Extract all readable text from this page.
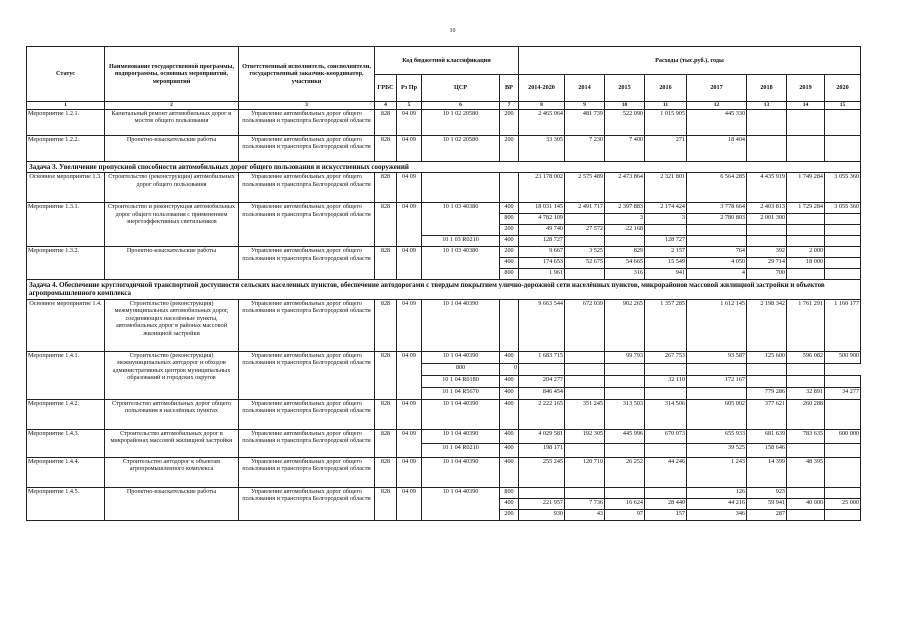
10
Статус	Наименование государственной программы, подпрограммы, основных мероприятий, мероприятий	Ответственный исполнитель, соисполнители, государственный заказчик-координатор, участники	Код бюджетной классификации				Расходы (тыс.руб.), годы							
			ГРБС	Рз Пр	ЦСР	ВР	2014-2020	2014	2015	2016	2017	2018	2019	2020
1	2	3	4	5	6	7	8	9	10	11	12	13	14	15
Мероприятие 1.2.1.	Капитальный ремонт автомобильных дорог и мостов общего пользования	Управление автомобильных дорог общего пользования и транспорта Белгородской области	828	04 09	10 1 02 20580	200	2 465 064	481 739	522 090	1 015 905	445 330			
Мероприятие 1.2.2.	Проектно-изыскательские работы	Управление автомобильных дорог общего пользования и транспорта Белгородской области	828	04 09	10 1 02 20580	200	33 305	7 230	7 400	271	18 404			
Задача 3. Увеличение пропускной способности автомобильных дорог общего пользования и искусственных сооружений														
Основное мероприятие 1.3.	Строительство (реконструкция) автомобильных дорог общего пользования	Управление автомобильных дорог общего пользования и транспорта Белгородской области	828	04 09			23 178 002	2 575 489	2 473 864	2 321 801	6 564 285	4 435 919	1 749 284	3 055 360
Мероприятие 1.3.1.	Строительство и реконструкция автомобильных дорог общего пользования с применением энергоэффективных светильников	Управление автомобильных дорог общего пользования и транспорта Белгородской области	828	04 09	10 1 03 40380	400	18 031 145	2 491 717	2 397 883	2 174 424	3 778 664	2 403 813	1 729 284	3 055 360
						800	4 782 109		3	3	2 780 803	2 001 300		
						200	49 740	27 572	22 168					
					10 1 03 R0210	400	128 727			128 727				
Мероприятие 1.3.2.	Проектно-изыскательские работы	Управление автомобильных дорог общего пользования и транспорта Белгородской области	828	04 09	10 1 03 40380	200	9 667	3 525	829	2 157	764	392	2 000	
						400	174 653	52 675	54 665	15 549	4 050	29 714	18 000	
						800	1 961		316	941	4	700		
Задача 4. Обеспечение круглогодичной транспортной доступности сельских населенных пунктов, обеспечение автодорогами с твердым покрытием улично-дорожной сети населённых пунктов, микрорайонов массовой жилищной застройки и объектов агропромышленного комплекса														
Основное мероприятие 1.4.	Строительство (реконструкция) межмуниципальных автомобильных дорог, соединяющих населённые пункты, автомобильных дорог в районах массовой жилищной застройки	Управление автомобильных дорог общего пользования и транспорта Белгородской области	828	04 09	10 1 04 40390		9 663 544	672 039	902 265	1 357 285	1 612 145	2 198 342	1 761 291	1 160 177
Мероприятие 1.4.1.	Строительство (реконструкция) межмуниципальных автодорог и обходов административных центров муниципальных образований и городских округов	Управление автомобильных дорог общего пользования и транспорта Белгородской области	828	04 09	10 1 04 40390	400	1 683 715		99 793	267 753	93 587	125 600	596 082	500 900
					800	0								
					10 1 04 R0180	400	204 277			32 110	172 167			
					10 1 04 R5670	400	846 454					779 286	32 891	34 277
Мероприятие 1.4.2.	Строительство автомобильных дорог общего пользования в населённых пунктах	Управление автомобильных дорог общего пользования и транспорта Белгородской области	828	04 09	10 1 04 40390	400	2 222 165	351 245	313 503	314 506	605 002	377 621	260 288	
Мероприятие 1.4.3.	Строительство автомобильных дорог в микрорайонах массовой жилищной застройки	Управление автомобильных дорог общего пользования и транспорта Белгородской области	828	04 09	10 1 04 40390	400	4 029 581	192 305	445 996	670 073	655 933	681 639	783 635	600 000
					10 1 04 R0210	400	198 171				39 525	158 646		
Мероприятие 1.4.4.	Строительство автодорог к объектам агропромышленного комплекса	Управление автомобильных дорог общего пользования и транспорта Белгородской области	828	04 09	10 1 04 40390	400	255 245	120 710	26 252	44 246	1 243	14 399	48 395	
Мероприятие 1.4.5.	Проектно-изыскательские работы	Управление автомобильных дорог общего пользования и транспорта Белгородской области	828	04 09	10 1 04 40390	800					126	923		
						400	221 957	7 736	16 624	28 440	44 216	59 941	40 000	25 000
						200	930	43	97	157	346	287		
